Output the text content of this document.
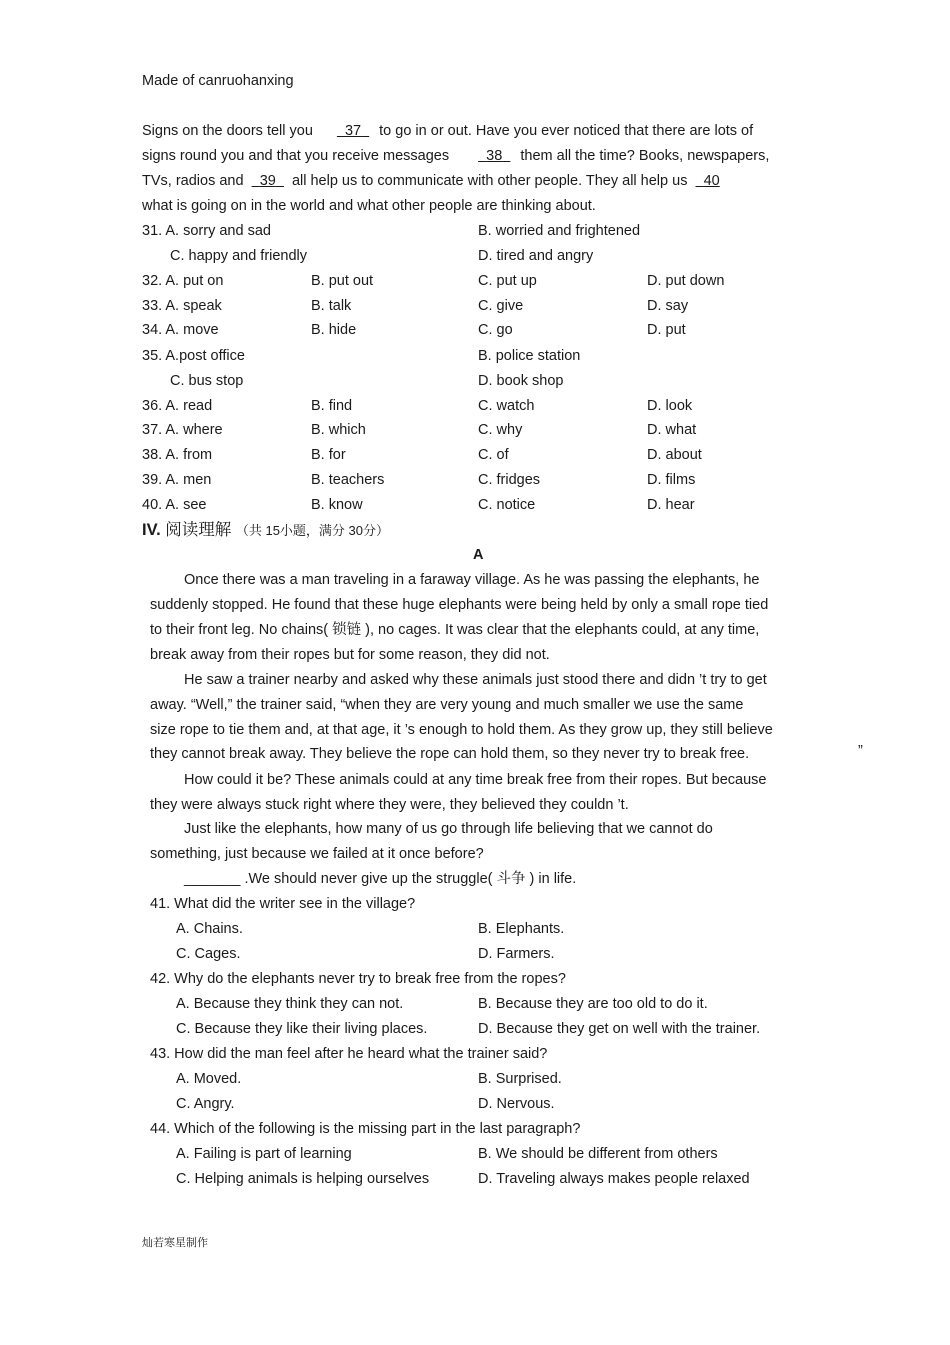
Made of canruohanxing
Signs on the doors tell you 37 to go in or out. Have you ever noticed that there are lots of
signs round you and that you receive messages	38 them all the time? Books, newspapers,
TVs, radios and 39 all help us to communicate with other people. They all help us 40
what is going on in the world and what other people are thinking about.
31. A. sorry and sad	B. worried and frightened
C. happy and friendly	D. tired and angry
32. A. put on	B. put out	C. put up	D. put down
33. A. speak	B. talk	C. give	D. say
34. A. move	B. hide	C. go	D. put
35. A.post office	B. police station
C. bus stop	D. book shop
36. A. read	B. find	C. watch	D. look
37. A. where	B. which	C. why	D. what
38. A. from	B. for	C. of	D. about
39. A. men	B. teachers	C. fridges	D. films
40. A. see	B. know	C. notice	D. hear
IV. 阅读理解 （共 15小题，满分 30分）
A
Once there was a man traveling in a faraway village. As he was passing the elephants, he
suddenly stopped. He found that these huge elephants were being held by only a small rope tied
to their front leg. No chains( 锁链 ), no cages. It was clear that the elephants could, at any time,
break away from their ropes but for some reason, they did not.
He saw a trainer nearby and asked why these animals just stood there and didn ’t try to get
away. “Well,” the trainer said, “when they are very young and much smaller we use the same
size rope to tie them and, at that age, it ’s enough to hold them. As they grow up, they still believe
they cannot break away. They believe the rope can hold them, so they never try to break free.	”
How could it be? These animals could at any time break free from their ropes. But because
they were always stuck right where they were, they believed they couldn ’t.
Just like the elephants, how many of us go through life believing that we cannot do
something, just because we failed at it once before?
_______ .We should never give up the struggle( 斗争 ) in life.
41. What did the writer see in the village?
A. Chains.	B. Elephants.
C. Cages.	D. Farmers.
42. Why do the elephants never try to break free from the ropes?
A. Because they think they can not.	B. Because they are too old to do it.
C. Because they like their living places.	D. Because they get on well with the trainer.
43. How did the man feel after he heard what the trainer said?
A. Moved.	B. Surprised.
C. Angry.	D. Nervous.
44. Which of the following is the missing part in the last paragraph?
A. Failing is part of learning	B. We should be different from others
C. Helping animals is helping ourselves	D. Traveling always makes people relaxed
灿若寒星制作
